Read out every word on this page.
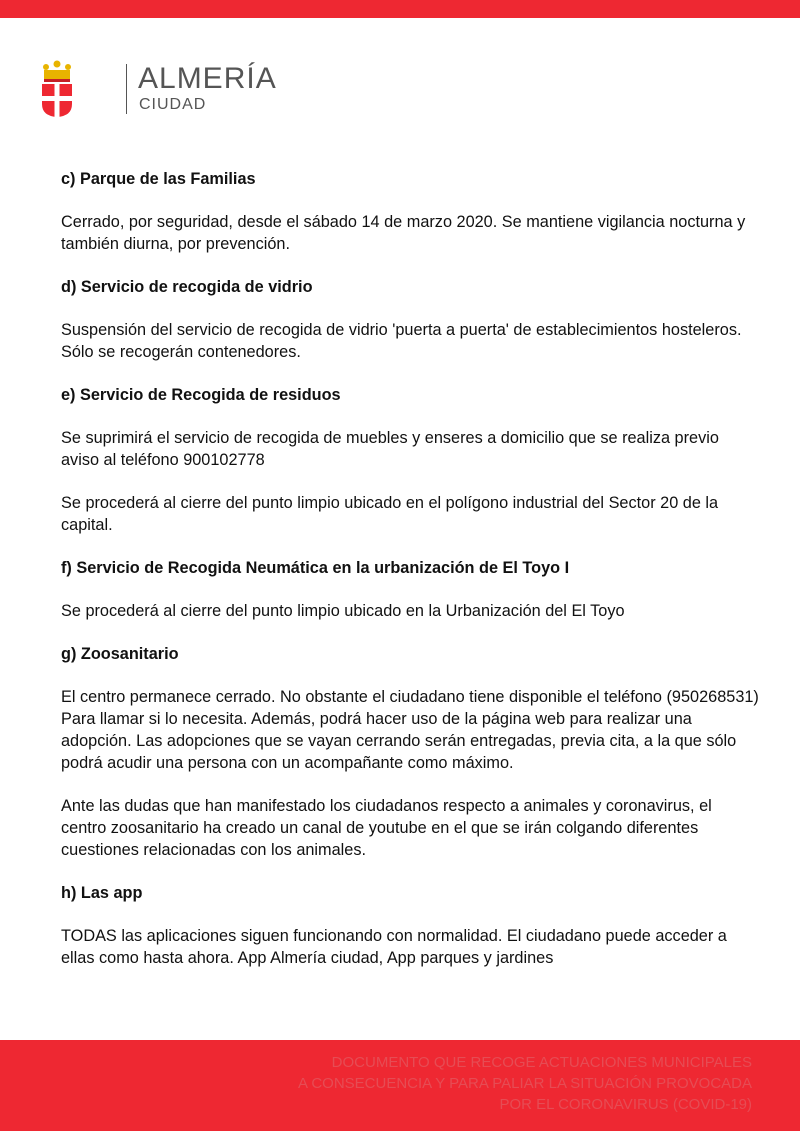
ALMERÍA
CIUDAD

c) Parque de las Familias

Cerrado, por seguridad, desde el sábado 14 de marzo 2020. Se mantiene vigilancia nocturna y también diurna, por prevención.

d) Servicio de recogida de vidrio

Suspensión del servicio de recogida de vidrio 'puerta a puerta' de establecimientos hosteleros. Sólo se recogerán contenedores.

e) Servicio de Recogida de residuos

Se suprimirá el servicio de recogida de muebles y enseres a domicilio que se realiza previo aviso al teléfono 900102778

Se procederá al cierre del punto limpio ubicado en el polígono industrial del Sector 20 de la capital.

f) Servicio de Recogida Neumática en la urbanización de El Toyo I

Se procederá al cierre del punto limpio ubicado en la Urbanización del El Toyo

g) Zoosanitario

El centro permanece cerrado. No obstante el ciudadano tiene disponible el teléfono (950268531) Para llamar si lo necesita. Además, podrá hacer uso de la página web para realizar una adopción. Las adopciones que se vayan cerrando serán entregadas, previa cita, a la que sólo podrá acudir una persona con un acompañante como máximo.

Ante las dudas que han manifestado los ciudadanos respecto a animales y coronavirus, el centro zoosanitario ha creado un canal de youtube en el que se irán colgando diferentes cuestiones relacionadas con los animales.

h) Las app

TODAS las aplicaciones siguen funcionando con normalidad. El ciudadano puede acceder a ellas como hasta ahora. App Almería ciudad, App parques y jardines

DOCUMENTO QUE RECOGE ACTUACIONES MUNICIPALES
A CONSECUENCIA Y PARA PALIAR LA SITUACIÓN PROVOCADA
POR EL CORONAVIRUS (COVID-19)
